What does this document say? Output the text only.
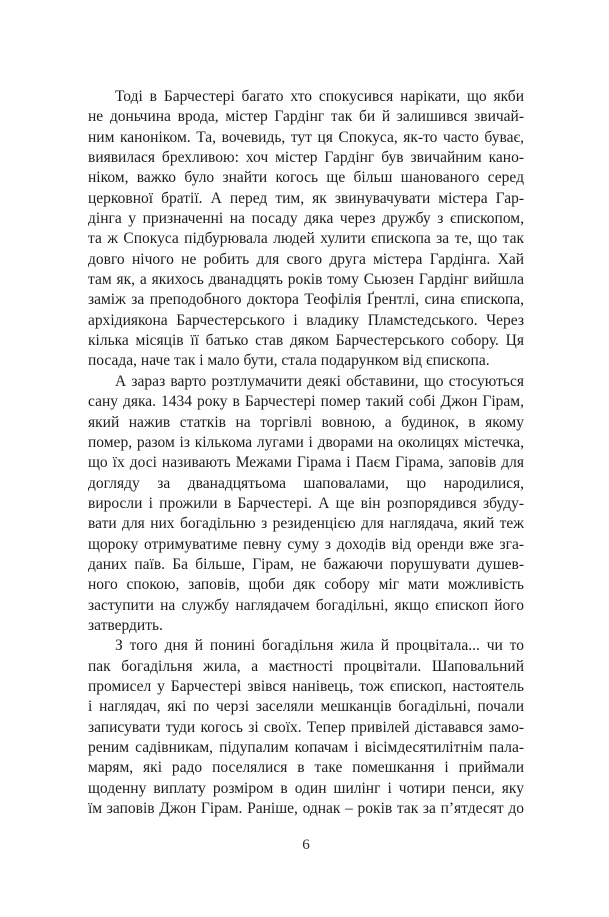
Тоді в Барчестері багато хто спокусився нарікати, що якби
не доньчина врода, містер Гардінг так би й залишився звичай-
ним каноніком. Та, вочевидь, тут ця Спокуса, як-то часто буває,
виявилася брехливою: хоч містер Гардінг був звичайним кано-
ніком, важко було знайти когось ще більш шанованого серед
церковної братії. А перед тим, як звинувачувати містера Гар-
дінга у призначенні на посаду дяка через дружбу з єпископом,
та ж Спокуса підбурювала людей хулити єпископа за те, що так
довго нічого не робить для свого друга містера Гардінга. Хай
там як, а якихось дванадцять років тому Сьюзен Гардінг вийшла
заміж за преподобного доктора Теофілія Ґрентлі, сина єпископа,
архідиякона Барчестерського і владику Пламстедського. Через
кілька місяців її батько став дяком Барчестерського собору. Ця
посада, наче так і мало бути, стала подарунком від єпископа.
А зараз варто розтлумачити деякі обставини, що стосуються
сану дяка. 1434 року в Барчестері помер такий собі Джон Гірам,
який нажив статків на торгівлі вовною, а будинок, в якому
помер, разом із кількома лугами і дворами на околицях містечка,
що їх досі називають Межами Гірама і Паєм Гірама, заповів для
догляду за дванадцятьома шаповалами, що народилися,
виросли і прожили в Барчестері. А ще він розпорядився збуду-
вати для них богадільню з резиденцією для наглядача, який теж
щороку отримуватиме певну суму з доходів від оренди вже зга-
даних паїв. Ба більше, Гірам, не бажаючи порушувати душев-
ного спокою, заповів, щоби дяк собору міг мати можливість
заступити на службу наглядачем богадільні, якщо єпископ його
затвердить.
З того дня й понині богадільня жила й процвітала... чи то
пак богадільня жила, а маєтності процвітали. Шаповальний
промисел у Барчестері звівся нанівець, тож єпископ, настоятель
і наглядач, які по черзі заселяли мешканців богадільні, почали
записувати туди когось зі своїх. Тепер привілей діставався замо-
реним садівникам, підупалим копачам і вісімдесятилітнім пала-
марям, які радо поселялися в таке помешкання і приймали
щоденну виплату розміром в один шилінг і чотири пенси, яку
їм заповів Джон Гірам. Раніше, однак – років так за п’ятдесят до
6
